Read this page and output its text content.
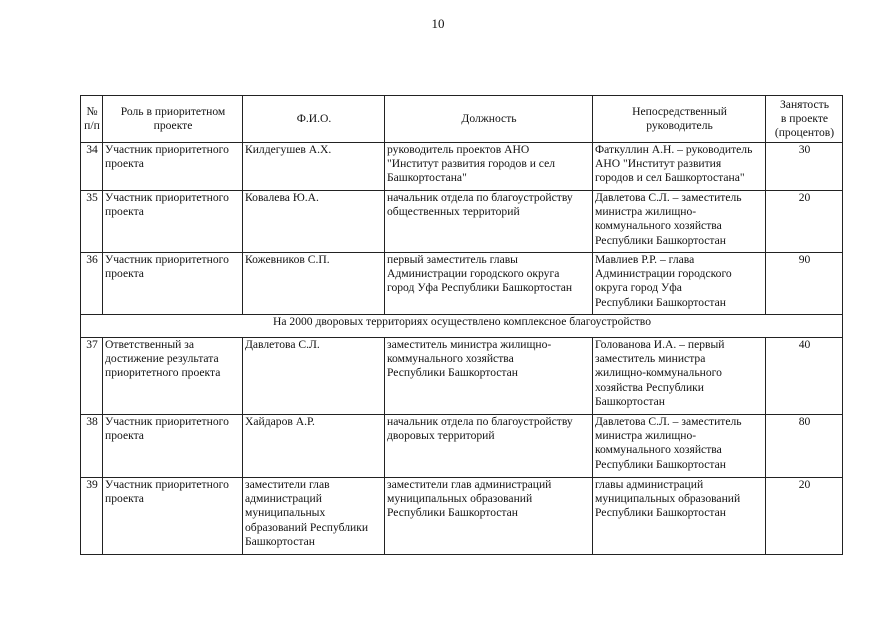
10
№
п/п	Роль в приоритетном
проекте	Ф.И.О.	Должность	Непосредственный
руководитель	Занятость
в проекте
(процентов)
34	Участник приоритетного
проекта	Килдегушев А.Х.	руководитель проектов АНО
"Институт развития городов и сел
Башкортостана"	Фаткуллин А.Н. – руководитель
АНО "Институт развития
городов и сел Башкортостана"	30
35	Участник приоритетного
проекта	Ковалева Ю.А.	начальник отдела по благоустройству
общественных территорий	Давлетова С.Л. – заместитель
министра жилищно-
коммунального хозяйства
Республики Башкортостан	20
36	Участник приоритетного
проекта	Кожевников С.П.	первый заместитель главы
Администрации городского округа
город Уфа Республики Башкортостан	Мавлиев Р.Р. – глава
Администрации городского
округа город Уфа
Республики Башкортостан	90
На 2000 дворовых территориях осуществлено комплексное благоустройство					
37	Ответственный за
достижение результата
приоритетного проекта	Давлетова С.Л.	заместитель министра жилищно-
коммунального хозяйства
Республики Башкортостан	Голованова И.А. – первый
заместитель министра
жилищно-коммунального
хозяйства Республики
Башкортостан	40
38	Участник приоритетного
проекта	Хайдаров А.Р.	начальник отдела по благоустройству
дворовых территорий	Давлетова С.Л. – заместитель
министра жилищно-
коммунального хозяйства
Республики Башкортостан	80
39	Участник приоритетного
проекта	заместители глав
администраций
муниципальных
образований Республики
Башкортостан	заместители глав администраций
муниципальных образований
Республики Башкортостан	главы администраций
муниципальных образований
Республики Башкортостан	20
